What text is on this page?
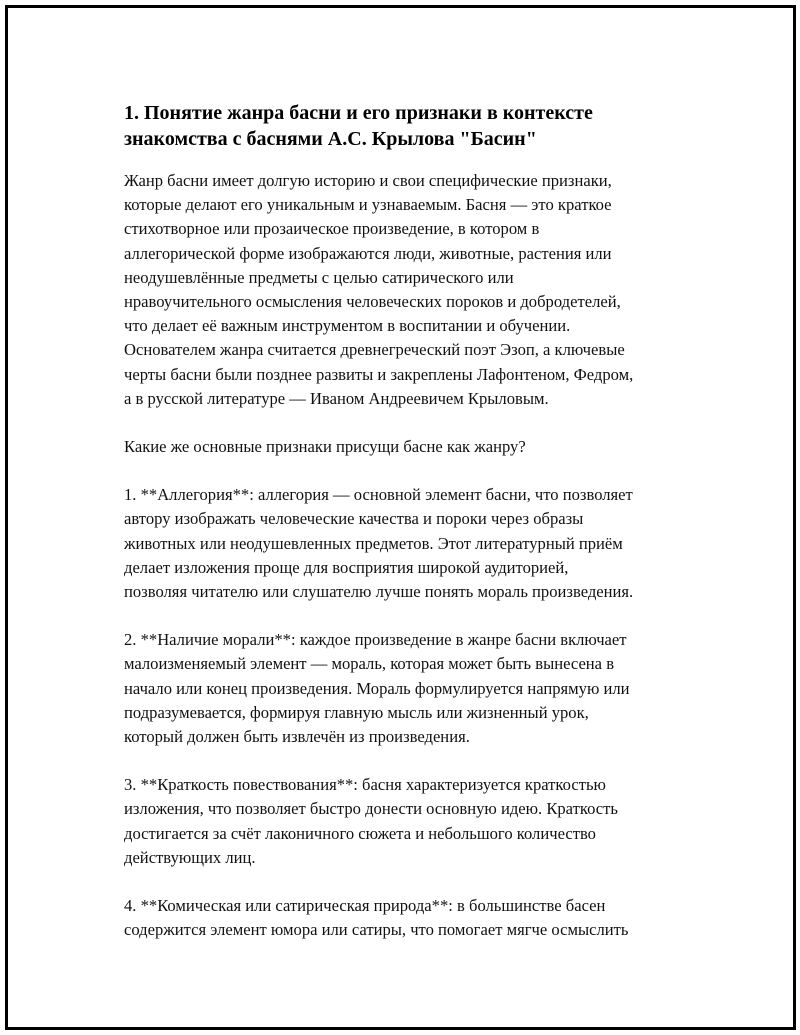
1. Понятие жанра басни и его признаки в контексте
знакомства с баснями А.С. Крылова "Басин"

Жанр басни имеет долгую историю и свои специфические признаки,
которые делают его уникальным и узнаваемым. Басня — это краткое
стихотворное или прозаическое произведение, в котором в
аллегорической форме изображаются люди, животные, растения или
неодушевлённые предметы с целью сатирического или
нравоучительного осмысления человеческих пороков и добродетелей,
что делает её важным инструментом в воспитании и обучении.
Основателем жанра считается древнегреческий поэт Эзоп, а ключевые
черты басни были позднее развиты и закреплены Лафонтеном, Федром,
а в русской литературе — Иваном Андреевичем Крыловым.

Какие же основные признаки присущи басне как жанру?

1. **Аллегория**: аллегория — основной элемент басни, что позволяет
автору изображать человеческие качества и пороки через образы
животных или неодушевленных предметов. Этот литературный приём
делает изложения проще для восприятия широкой аудиторией,
позволяя читателю или слушателю лучше понять мораль произведения.

2. **Наличие морали**: каждое произведение в жанре басни включает
малоизменяемый элемент — мораль, которая может быть вынесена в
начало или конец произведения. Мораль формулируется напрямую или
подразумевается, формируя главную мысль или жизненный урок,
который должен быть извлечён из произведения.

3. **Краткость повествования**: басня характеризуется краткостью
изложения, что позволяет быстро донести основную идею. Краткость
достигается за счёт лаконичного сюжета и небольшого количество
действующих лиц.

4. **Комическая или сатирическая природа**: в большинстве басен
содержится элемент юмора или сатиры, что помогает мягче осмыслить
